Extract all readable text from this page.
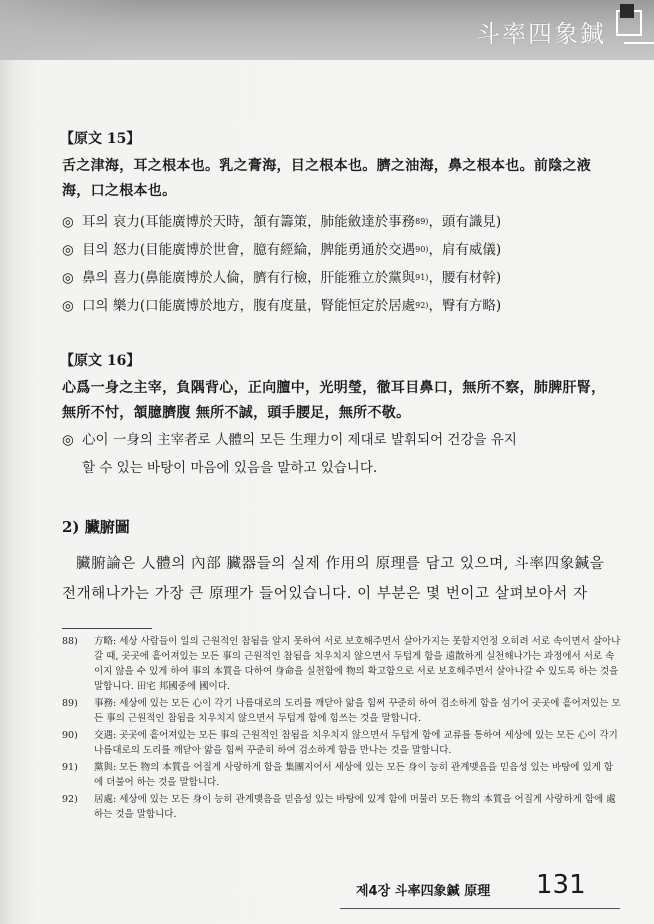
斗率四象鍼
【原文 15】
舌之津海，耳之根本也。乳之膏海，目之根本也。臍之油海，鼻之根本也。前陰之液海，口之根本也。
◎ 耳의 哀力 (耳能廣博於天時，頷有籌策，肺能斂達於事務 89) ，頭有識見)
◎ 目의 怒力 (目能廣博於世會，臆有經綸，脾能勇通於交遇 90) ，肩有威儀)
◎ 鼻의 喜力 (鼻能廣博於人倫，臍有行檢，肝能雅立於黨與 91) ，腰有材幹)
◎ 口의 樂力 (口能廣博於地方，腹有度量，腎能恒定於居處 92) ，臀有方略)
【原文 16】
心爲一身之主宰，負隅背心，正向膻中，光明瑩，徹耳目鼻口，無所不察，肺脾肝腎，無所不忖，頷臆臍腹 無所不誠，頭手腰足，無所不敬。
◎ 心이 一身의 主宰者로 人體의 모든 生理力이 제대로 발휘되어 건강을 유지
할 수 있는 바탕이 마음에 있음을 말하고 있습니다.
2) 臟腑圖

臟腑論은 人體의 內部 臟器들의 실제 作用의 原理를 담고 있으며, 斗率四象鍼을 전개해나가는 가장 큰 原理가 들어있습니다. 이 부분은 몇 번이고 살펴보아서 자

88)	方略: 세상 사람들이 일의 근원적인 참됨을 알지 못하여 서로 보호해주면서 살아가지는 못함지언정 오히려 서로 속이면서 살아나갈 때, 곳곳에 흩어져있는 모든 事의 근원적인 참됨을 치우치지 않으면서 두텁게 함을 遠散하게 실천해나가는 과정에서 서로 속이지 않을 수 있게 하여 事의 本質을 다하여 身命을 실천함에 物의 확고함으로 서로 보호해주면서 살아나갈 수 있도록 하는 것을 말합니다. 田宅 邦國중에 國이다.
89)	事務: 세상에 있는 모든 心이 각기 나름대로의 도리를 깨닫아 앎을 힘써 꾸준히 하여 검소하게 함을 섬기어 곳곳에 흩어져있는 모든 事의 근원적인 참됨을 치우치지 않으면서 두텁게 함에 힘쓰는 것을 말합니다.
90)	交遇: 곳곳에 흩어져있는 모든 事의 근원적인 참됨을 치우치지 않으면서 두텁게 함에 교류를 통하여 세상에 있는 모든 心이 각기 나름대로의 도리를 깨닫아 앎을 힘써 꾸준히 하여 검소하게 함을 만나는 것을 말합니다.
91)	黨與: 모든 物의 本質을 어질게 사랑하게 함을 集團지어서 세상에 있는 모든 身이 능히 관계맺음을 믿음성 있는 바탕에 있게 함에 더불어 하는 것을 말합니다.
92)	居處: 세상에 있는 모든 身이 능히 관계맺음을 믿음성 있는 바탕에 있게 함에 머물러 모든 物의 本質을 어질게 사랑하게 함에 處하는 것을 말합니다.
제4장 斗率四象鍼 原理 131
